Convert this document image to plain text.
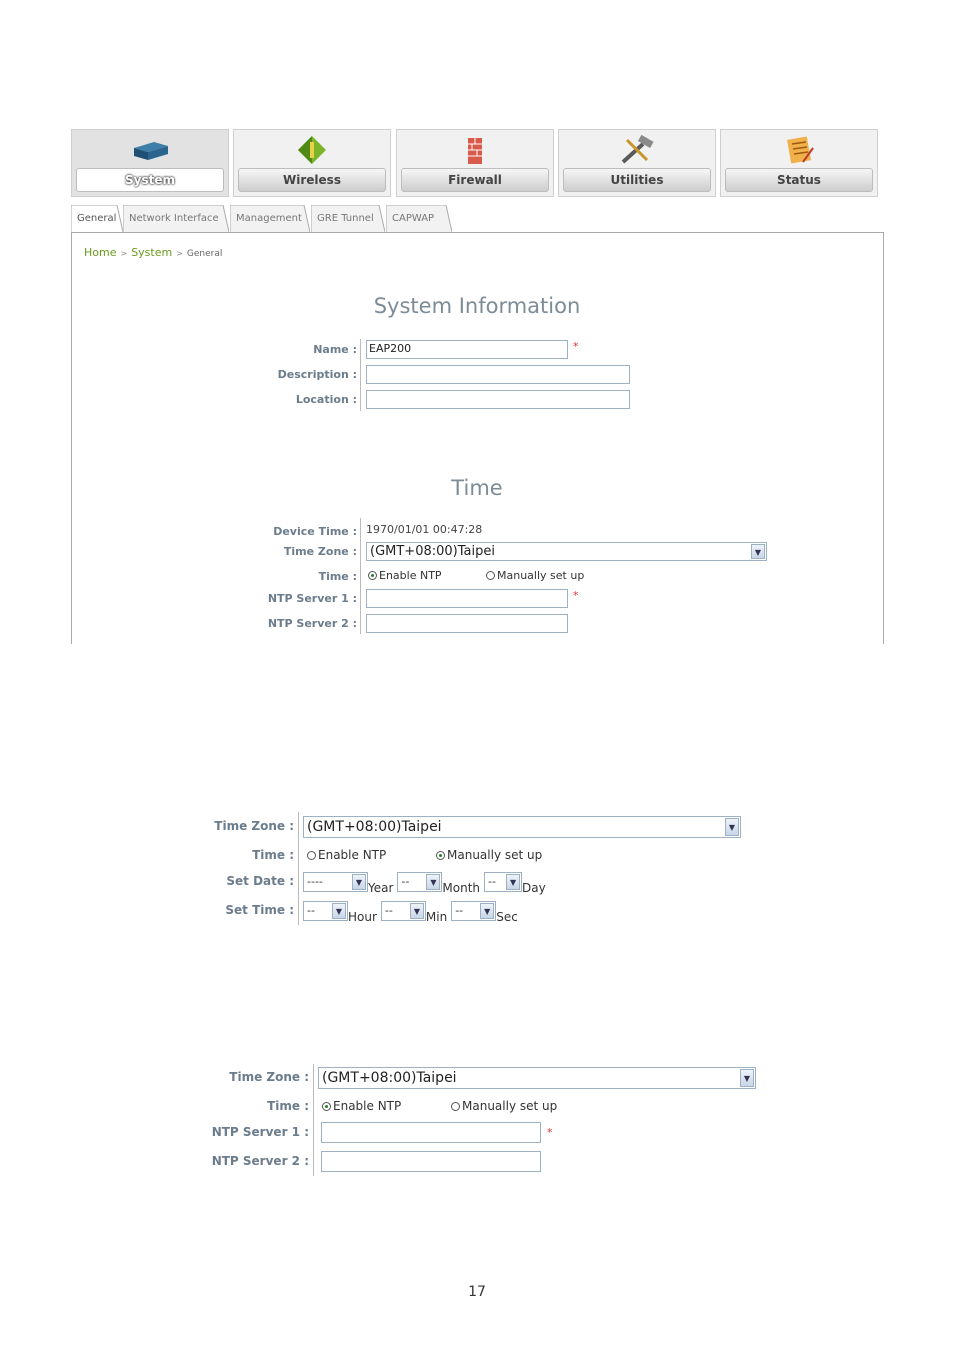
System	Wireless	Firewall	Utilities	Status
General	Network Interface	Management	GRE Tunnel	CAPWAP
Home > System > General
System Information
Name : EAP200	*
Description :
Location :
Time
Device Time : 1970/01/01 00:47:28
Time Zone :	(GMT+08:00)Taipei	▼
Time :	Enable NTP	Manually set up
NTP Server 1 :	*
NTP Server 2 :
Time Zone : (GMT+08:00)Taipei	▼
Time :	Enable NTP	Manually set up
Set Date :	----	▼ $_{Year}$ --	▼ $_{Month}$ --	▼ $_{Day}$
Set Time :	--	▼ $_{Hour}$ --	▼ $_{Min}$ --	▼ $_{Sec}$
Time Zone : (GMT+08:00)Taipei	▼
Time :	Enable NTP	Manually set up
NTP Server 1 :	*
NTP Server 2 :
17
